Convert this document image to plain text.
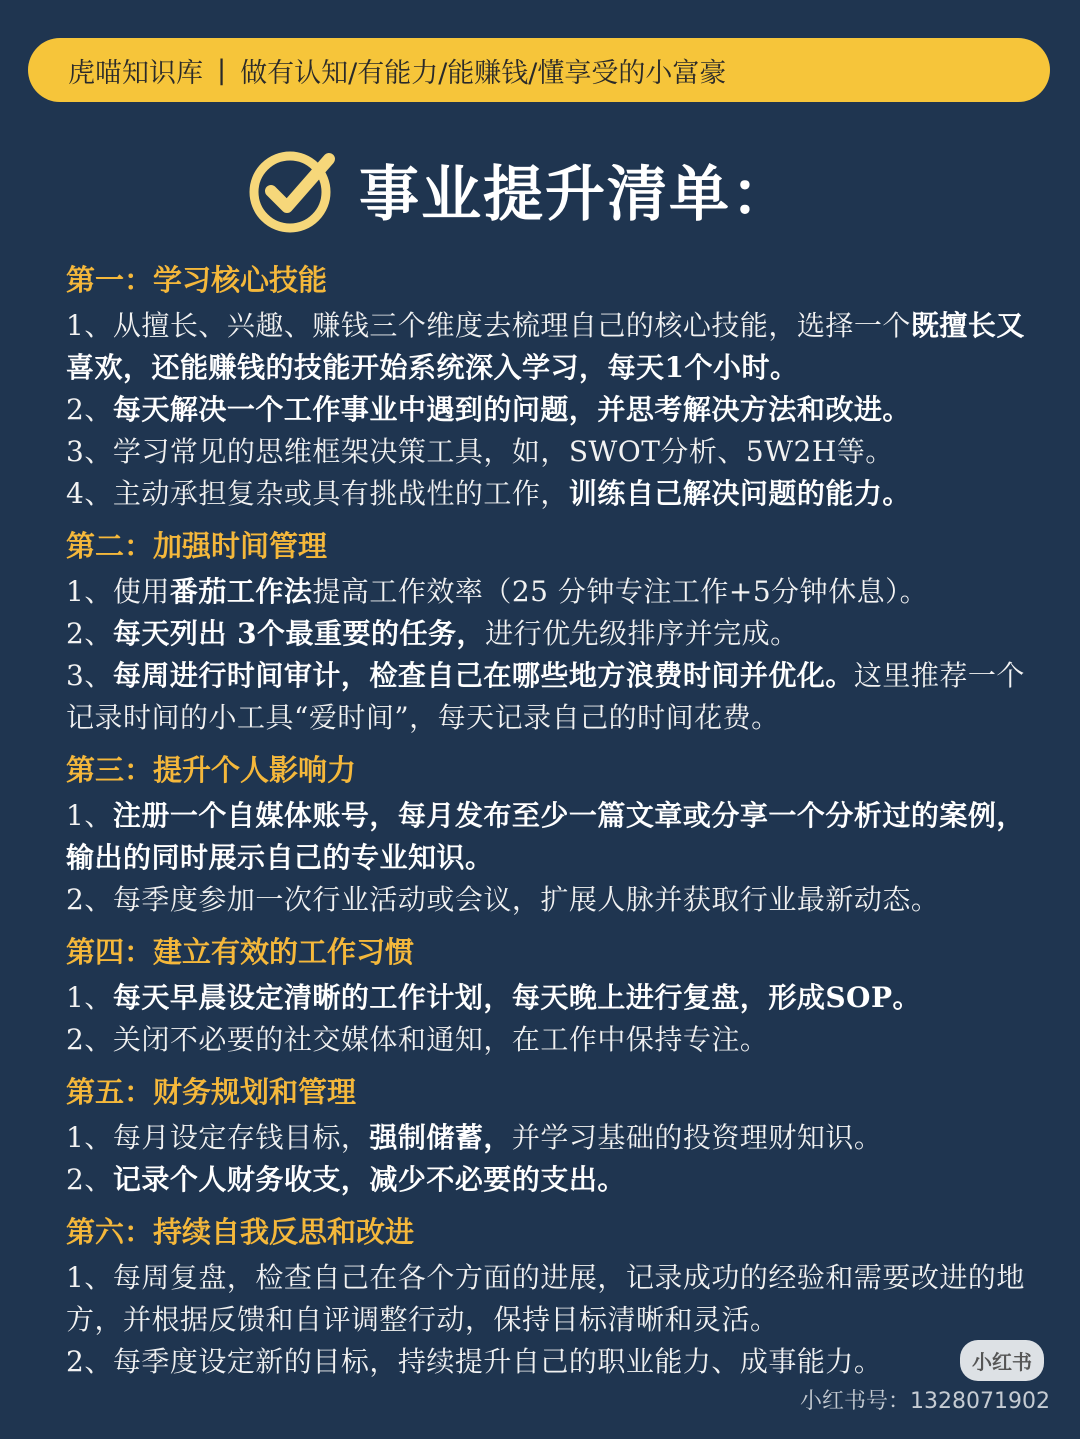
虎喵知识库 | 做有认知/有能力/能赚钱/懂享受的小富豪
事业提升清单：
第一：学习核心技能
1、从擅长、兴趣、赚钱三个维度去梳理自己的核心技能，选择一个既擅长又喜欢，还能赚钱的技能开始系统深入学习，每天1个小时。
2、每天解决一个工作事业中遇到的问题，并思考解决方法和改进。
3、学习常见的思维框架决策工具，如，SWOT分析、5W2H等。
4、主动承担复杂或具有挑战性的工作，训练自己解决问题的能力。
第二：加强时间管理
1、使用番茄工作法提高工作效率（25 分钟专注工作+5分钟休息）。
2、每天列出 3个最重要的任务，进行优先级排序并完成。
3、每周进行时间审计，检查自己在哪些地方浪费时间并优化。这里推荐一个记录时间的小工具“爱时间”，每天记录自己的时间花费。
第三：提升个人影响力
1、注册一个自媒体账号，每月发布至少一篇文章或分享一个分析过的案例，输出的同时展示自己的专业知识。
2、每季度参加一次行业活动或会议，扩展人脉并获取行业最新动态。
第四：建立有效的工作习惯
1、每天早晨设定清晰的工作计划，每天晚上进行复盘，形成SOP。
2、关闭不必要的社交媒体和通知，在工作中保持专注。
第五：财务规划和管理
1、每月设定存钱目标，强制储蓄，并学习基础的投资理财知识。
2、记录个人财务收支，减少不必要的支出。
第六：持续自我反思和改进
1、每周复盘，检查自己在各个方面的进展，记录成功的经验和需要改进的地方，并根据反馈和自评调整行动，保持目标清晰和灵活。
2、每季度设定新的目标，持续提升自己的职业能力、成事能力。	小红书
小红书号：1328071902
